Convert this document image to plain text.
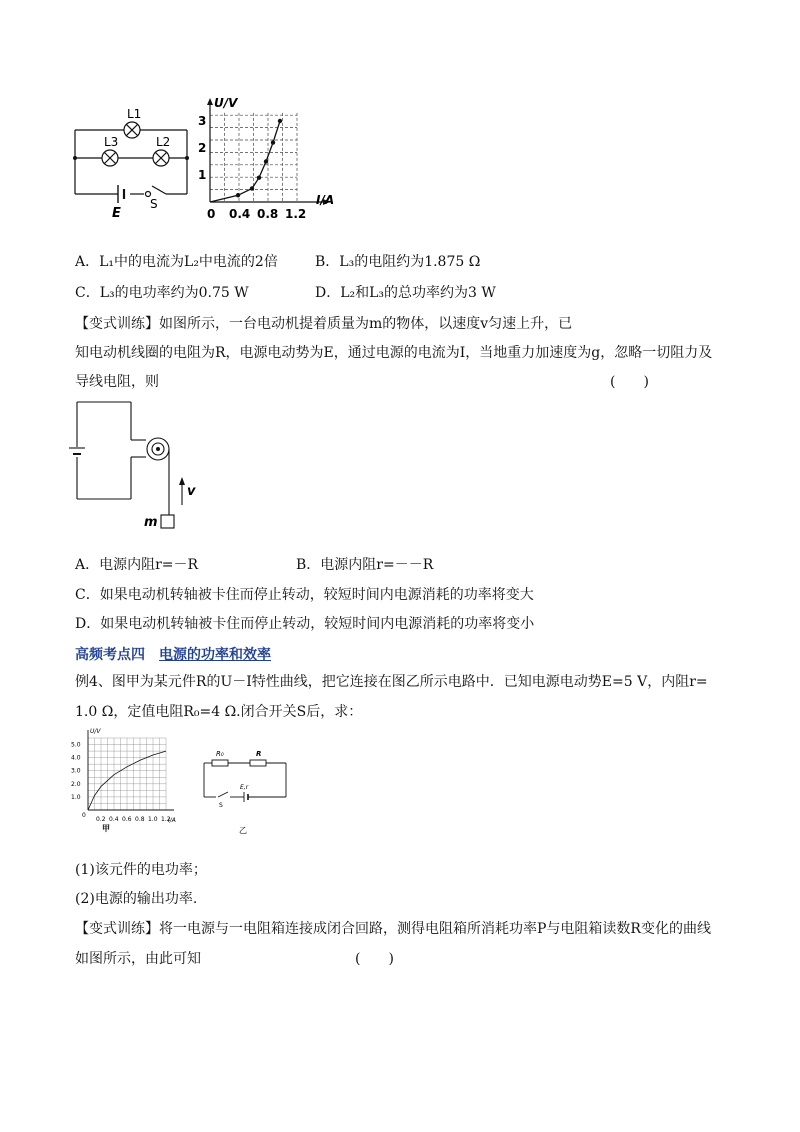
L1
L3	L2
E
S
U/V
I/A
1
2
3
0 0.4 0.8 1.2
A．L₁中的电流为L₂中电流的2倍	B．L₃的电阻约为1.875 Ω
C．L₃的电功率约为0.75 W	D．L₂和L₃的总功率约为3 W
【变式训练】如图所示，一台电动机提着质量为m的物体，以速度v匀速上升，已
知电动机线圈的电阻为R，电源电动势为E，通过电源的电流为I，当地重力加速度为g，忽略一切阻力及
导线电阻，则	(　　)
v
m
A．电源内阻r=－R	B．电源内阻r=－－R
C．如果电动机转轴被卡住而停止转动，较短时间内电源消耗的功率将变大
D．如果电动机转轴被卡住而停止转动，较短时间内电源消耗的功率将变小
高频考点四 电源的功率和效率
例4、图甲为某元件R的U－I特性曲线，把它连接在图乙所示电路中．已知电源电动势E=5 V，内阻r=
1.0 Ω，定值电阻R₀=4 Ω.闭合开关S后，求：
U/V
I/A
1.0
2.0
3.0
4.0
5.0
0
0.2 0.4 0.6 0.8 1.0 1.2
甲
R₀	R
E,r
S
乙
(1)该元件的电功率；
(2)电源的输出功率.
【变式训练】将一电源与一电阻箱连接成闭合回路，测得电阻箱所消耗功率P与电阻箱读数R变化的曲线
如图所示，由此可知	(　　)
